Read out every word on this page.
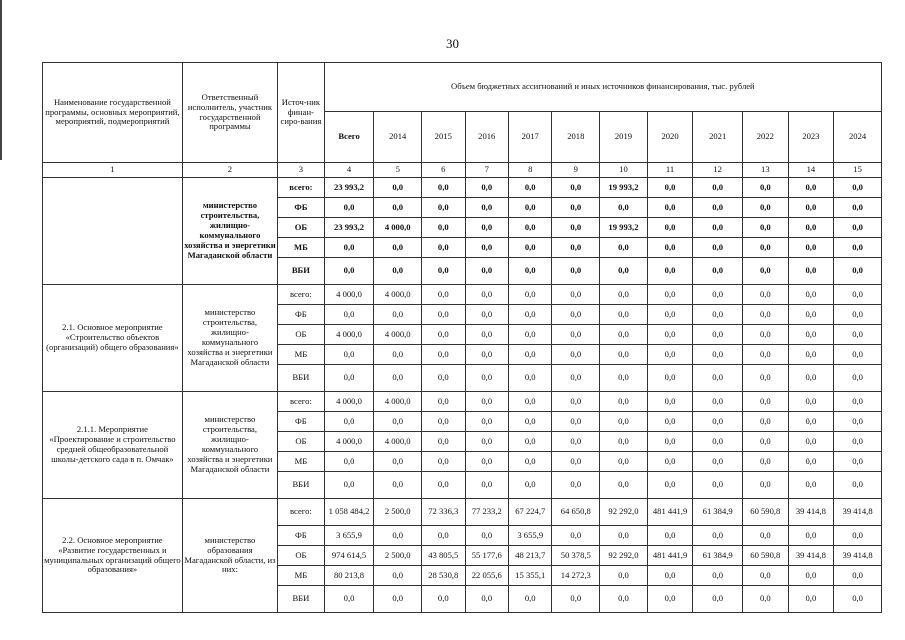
30
Наименование государственной программы, основных мероприятий, мероприятий, подмероприятий	Ответственный исполнитель, участник государственной программы	Источ-ник финан-сиро-вания	Объем бюджетных ассигнований и иных источников финансирования, тыс. рублей											
			Всего	2014	2015	2016	2017	2018	2019	2020	2021	2022	2023	2024
1	2	3	4	5	6	7	8	9	10	11	12	13	14	15
	министерство строительства, жилищно-коммунального хозяйства и энергетики Магаданской области	всего:	23 993,2	0,0	0,0	0,0	0,0	0,0	19 993,2	0,0	0,0	0,0	0,0	0,0
		ФБ	0,0	0,0	0,0	0,0	0,0	0,0	0,0	0,0	0,0	0,0	0,0	0,0
		ОБ	23 993,2	4 000,0	0,0	0,0	0,0	0,0	19 993,2	0,0	0,0	0,0	0,0	0,0
		МБ	0,0	0,0	0,0	0,0	0,0	0,0	0,0	0,0	0,0	0,0	0,0	0,0
		ВБИ	0,0	0,0	0,0	0,0	0,0	0,0	0,0	0,0	0,0	0,0	0,0	0,0
2.1. Основное мероприятие «Строительство объектов (организаций) общего образования»	министерство строительства, жилищно-коммунального хозяйства и энергетики Магаданской области	всего:	4 000,0	4 000,0	0,0	0,0	0,0	0,0	0,0	0,0	0,0	0,0	0,0	0,0
		ФБ	0,0	0,0	0,0	0,0	0,0	0,0	0,0	0,0	0,0	0,0	0,0	0,0
		ОБ	4 000,0	4 000,0	0,0	0,0	0,0	0,0	0,0	0,0	0,0	0,0	0,0	0,0
		МБ	0,0	0,0	0,0	0,0	0,0	0,0	0,0	0,0	0,0	0,0	0,0	0,0
		ВБИ	0,0	0,0	0,0	0,0	0,0	0,0	0,0	0,0	0,0	0,0	0,0	0,0
2.1.1. Мероприятие «Проектирование и строительство средней общеобразовательной школы-детского сада в п. Омчак»	министерство строительства, жилищно-коммунального хозяйства и энергетики Магаданской области	всего:	4 000,0	4 000,0	0,0	0,0	0,0	0,0	0,0	0,0	0,0	0,0	0,0	0,0
		ФБ	0,0	0,0	0,0	0,0	0,0	0,0	0,0	0,0	0,0	0,0	0,0	0,0
		ОБ	4 000,0	4 000,0	0,0	0,0	0,0	0,0	0,0	0,0	0,0	0,0	0,0	0,0
		МБ	0,0	0,0	0,0	0,0	0,0	0,0	0,0	0,0	0,0	0,0	0,0	0,0
		ВБИ	0,0	0,0	0,0	0,0	0,0	0,0	0,0	0,0	0,0	0,0	0,0	0,0
2.2. Основное мероприятие «Развитие государственных и муниципальных организаций общего образования»	министерство образования Магаданской области, из них:	всего:	1 058 484,2	2 500,0	72 336,3	77 233,2	67 224,7	64 650,8	92 292,0	481 441,9	61 384,9	60 590,8	39 414,8	39 414,8
		ФБ	3 655,9	0,0	0,0	0,0	3 655,9	0,0	0,0	0,0	0,0	0,0	0,0	0,0
		ОБ	974 614,5	2 500,0	43 805,5	55 177,6	48 213,7	50 378,5	92 292,0	481 441,9	61 384,9	60 590,8	39 414,8	39 414,8
		МБ	80 213,8	0,0	28 530,8	22 055,6	15 355,1	14 272,3	0,0	0,0	0,0	0,0	0,0	0,0
		ВБИ	0,0	0,0	0,0	0,0	0,0	0,0	0,0	0,0	0,0	0,0	0,0	0,0
